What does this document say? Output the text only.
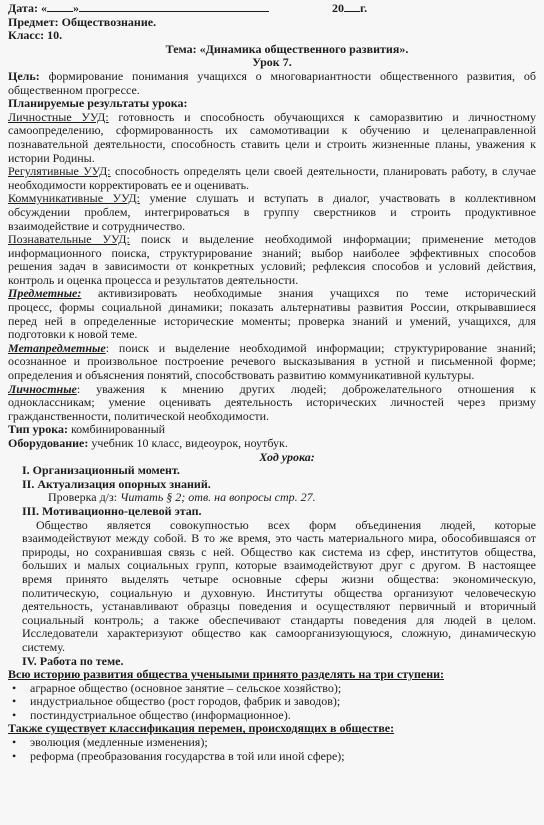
Дата: « »	20 г.
Предмет: Обществознание.
Класс: 10.
Тема: «Динамика общественного развития».
Урок 7.
Цель: формирование понимания учащихся о многовариантности общественного развития, об
общественном прогрессе.
Планируемые результаты урока:
Личностные УУД: готовность и способность обучающихся к саморазвитию и личностному
самоопределению, сформированность их самомотивации к обучению и целенаправленной
познавательной деятельности, способность ставить цели и строить жизненные планы, уважения к
истории Родины.
Регулятивные УУД: способность определять цели своей деятельности, планировать работу, в случае
необходимости корректировать ее и оценивать.
Коммуникативные УУД: умение слушать и вступать в диалог, участвовать в коллективном
обсуждении проблем, интегрироваться в группу сверстников и строить продуктивное
взаимодействие и сотрудничество.
Познавательные УУД: поиск и выделение необходимой информации; применение методов
информационного поиска, структурирование знаний; выбор наиболее эффективных способов
решения задач в зависимости от конкретных условий; рефлексия способов и условий действия,
контроль и оценка процесса и результатов деятельности.
Предметные: активизировать необходимые знания учащихся по теме исторический
процесс, формы социальной динамики; показать альтернативы развития России, открывавшиеся
перед ней в определенные исторические моменты; проверка знаний и умений, учащихся, для
подготовки к новой теме.
Метапредметные: поиск и выделение необходимой информации; структурирование знаний;
осознанное и произвольное построение речевого высказывания в устной и письменной форме;
определения и объяснения понятий, способствовать развитию коммуникативной культуры.
Личностные: уважения к мнению других людей; доброжелательного отношения к
одноклассникам; умение оценивать деятельность исторических личностей через призму
гражданственности, политической необходимости.
Тип урока: комбинированный
Оборудование: учебник 10 класс, видеоурок, ноутбук.
Ход урока:
I. Организационный момент.
II. Актуализация опорных знаний.
Проверка д/з: Читать § 2; отв. на вопросы стр. 27.
III. Мотивационно-целевой этап.
Общество является совокупностью всех форм объединения людей, которые
взаимодействуют между собой. В то же время, это часть материального мира, обособившаяся от
природы, но сохранившая связь с ней. Общество как система из сфер, институтов общества,
больших и малых социальных групп, которые взаимодействуют друг с другом. В настоящее
время принято выделять четыре основные сферы жизни общества: экономическую,
политическую, социальную и духовную. Институты общества организуют человеческую
деятельность, устанавливают образцы поведения и осуществляют первичный и вторичный
социальный контроль; а также обеспечивают стандарты поведения для людей в целом.
Исследователи характеризуют общество как самоорганизующуюся, сложную, динамическую
систему.
IV. Работа по теме.
Всю историю развития общества ученыыми принято разделять на три ступени:
• аграрное общество (основное занятие – сельское хозяйство);
• индустриальное общество (рост городов, фабрик и заводов);
• постиндустриальное общество (информационное).
Также существует классификация перемен, происходящих в обществе:
• эволюция (медленные изменения);
• реформа (преобразования государства в той или иной сфере);
